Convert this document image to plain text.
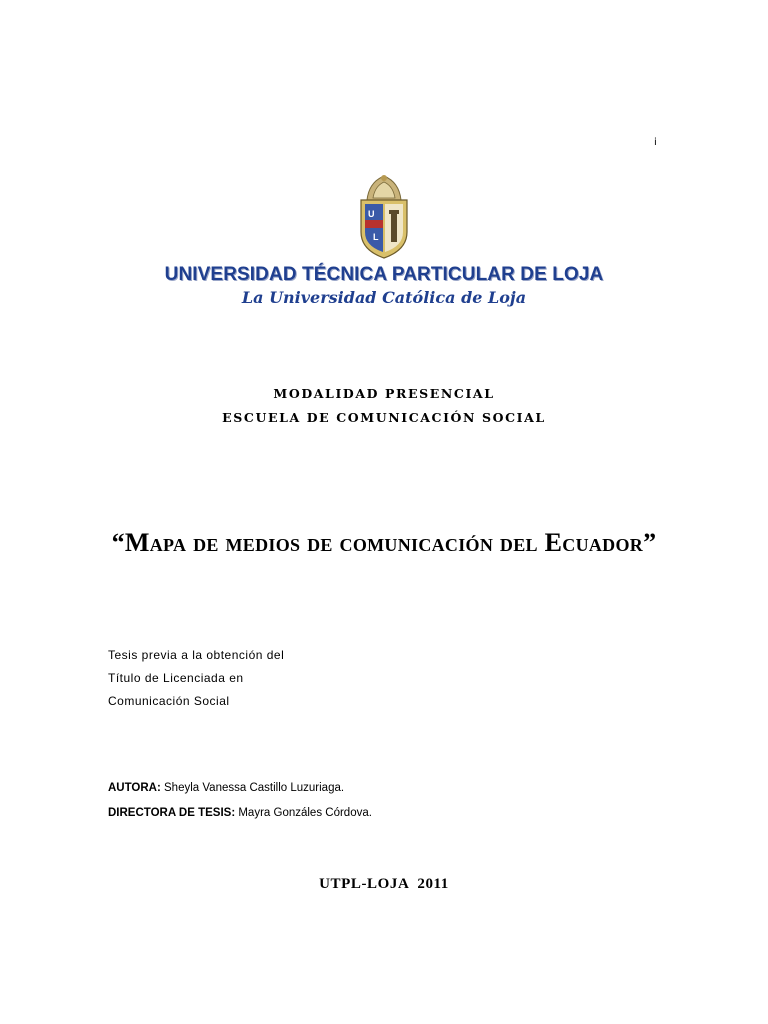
i
U
L
UNIVERSIDAD TÉCNICA PARTICULAR DE LOJA
La Universidad Católica de Loja
MODALIDAD PRESENCIAL
ESCUELA DE COMUNICACIÓN SOCIAL
“Mapa de medios de comunicación del Ecuador”
Tesis previa a la obtención del
Título de Licenciada en
Comunicación Social
AUTORA: Sheyla Vanessa Castillo Luzuriaga.
DIRECTORA DE TESIS: Mayra Gonzáles Córdova.
UTPL-LOJA  2011
